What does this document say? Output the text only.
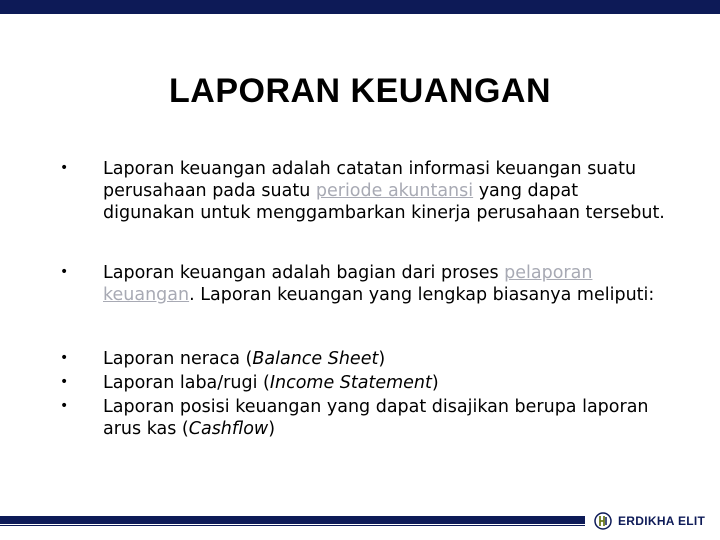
LAPORAN KEUANGAN
• Laporan keuangan adalah catatan informasi keuangan suatu perusahaan pada suatu periode akuntansi yang dapat digunakan untuk menggambarkan kinerja perusahaan tersebut.
• Laporan keuangan adalah bagian dari proses pelaporan keuangan. Laporan keuangan yang lengkap biasanya meliputi:
• Laporan neraca (Balance Sheet)
• Laporan laba/rugi (Income Statement)
• Laporan posisi keuangan yang dapat disajikan berupa laporan arus kas (Cashflow)
ERDIKHA ELIT
